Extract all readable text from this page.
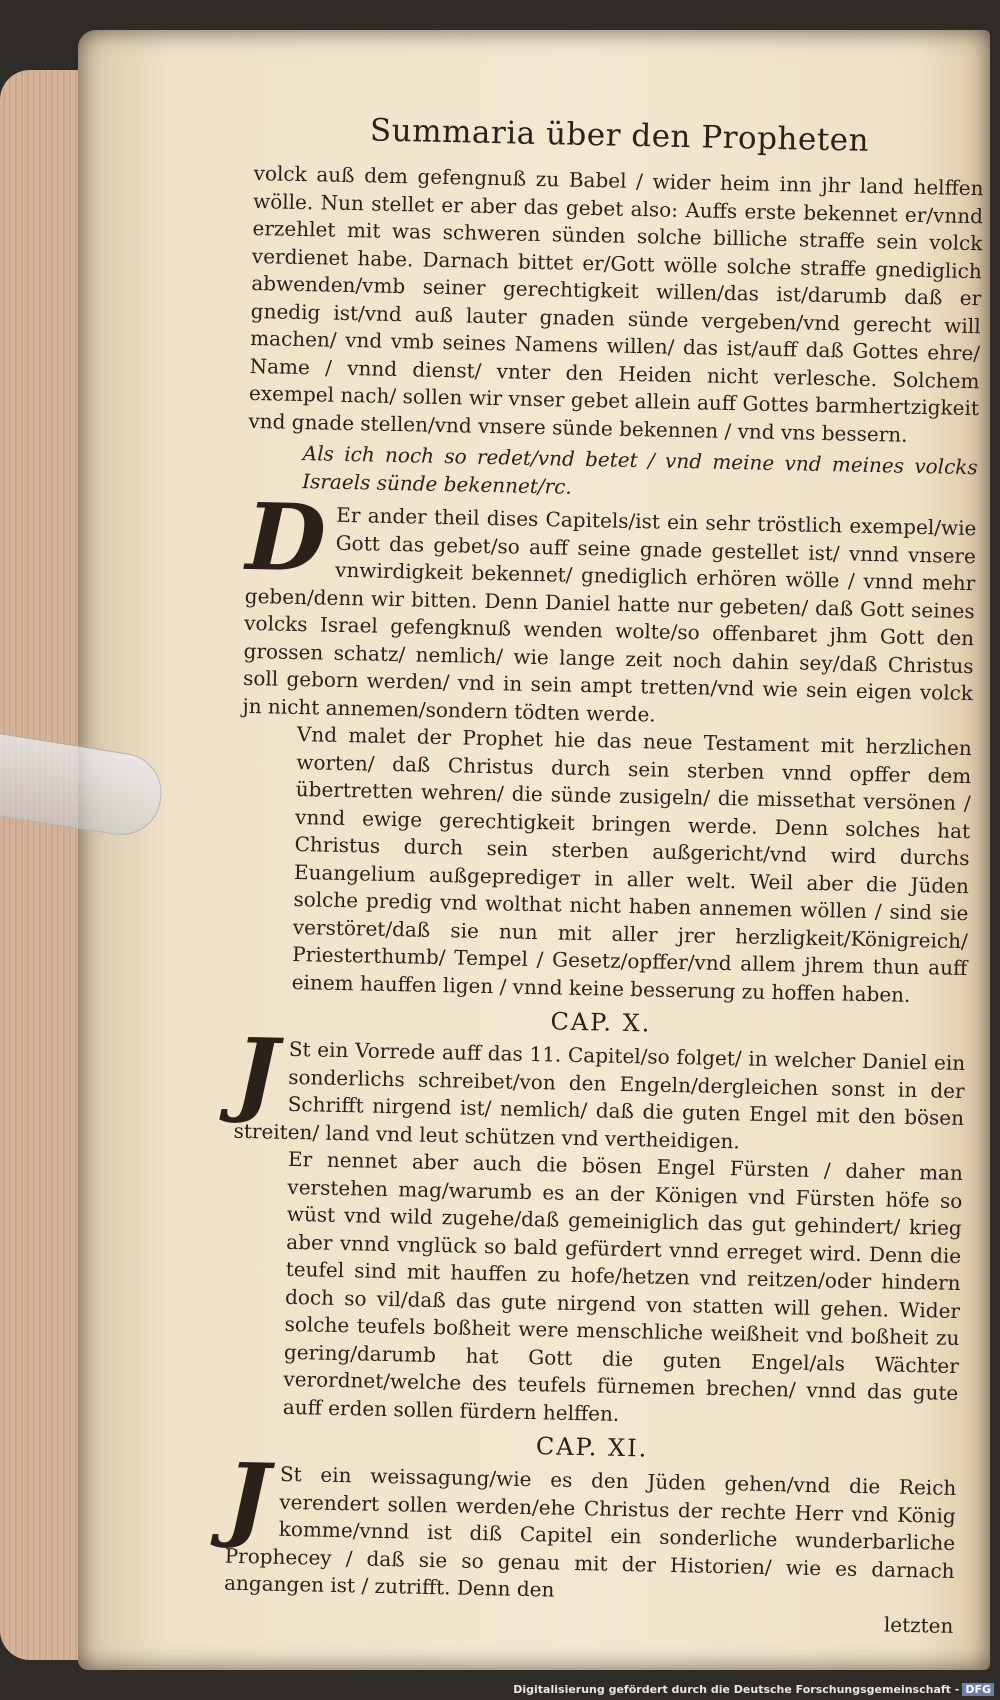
Summaria über den Propheten

volck auß dem gefengnuß zu Babel / wider heim inn jhr land helffen wölle. Nun stellet er aber das gebet also: Auffs erste bekennet er/vnnd erzehlet mit was schweren sünden solche billiche straffe sein volck verdienet habe. Darnach bittet er/Gott wölle solche straffe gnediglich abwenden/vmb seiner gerechtigkeit willen/das ist/darumb daß er gnedig ist/vnd auß lauter gnaden sünde vergeben/vnd gerecht will machen/ vnd vmb seines Namens willen/ das ist/auff daß Gottes ehre/ Name / vnnd dienst/ vnter den Heiden nicht verlesche. Solchem exempel nach/ sollen wir vnser gebet allein auff Gottes barmhertzigkeit vnd gnade stellen/vnd vnsere sünde bekennen / vnd vns bessern.

Als ich noch so redet/vnd betet / vnd meine vnd meines volcks Israels sünde bekennet/rc.

D Er ander theil dises Capitels/ist ein sehr tröstlich exempel/wie Gott das gebet/so auff seine gnade gestellet ist/ vnnd vnsere vnwirdigkeit bekennet/ gnediglich erhören wölle / vnnd mehr geben/denn wir bitten. Denn Daniel hatte nur gebeten/ daß Gott seines volcks Israel gefengknuß wenden wolte/so offenbaret jhm Gott den grossen schatz/ nemlich/ wie lange zeit noch dahin sey/daß Christus soll geborn werden/ vnd in sein ampt tretten/vnd wie sein eigen volck jn nicht annemen/sondern tödten werde.

Vnd malet der Prophet hie das neue Testament mit herzlichen worten/ daß Christus durch sein sterben vnnd opffer dem übertretten wehren/ die sünde zusigeln/ die missethat versönen / vnnd ewige gerechtigkeit bringen werde. Denn solches hat Christus durch sein sterben außgericht/vnd wird durchs Euangelium außgepredigет in aller welt. Weil aber die Jüden solche predig vnd wolthat nicht haben annemen wöllen / sind sie verstöret/daß sie nun mit aller jrer herzligkeit/Königreich/ Priesterthumb/ Tempel / Gesetz/opffer/vnd allem jhrem thun auff einem hauffen ligen / vnnd keine besserung zu hoffen haben.

CAP. X.

J St ein Vorrede auff das 11. Capitel/so folget/ in welcher Daniel ein sonderlichs schreibet/von den Engeln/dergleichen sonst in der Schrifft nirgend ist/ nemlich/ daß die guten Engel mit den bösen streiten/ land vnd leut schützen vnd vertheidigen.

Er nennet aber auch die bösen Engel Fürsten / daher man verstehen mag/warumb es an der Königen vnd Fürsten höfe so wüst vnd wild zugehe/daß gemeiniglich das gut gehindert/ krieg aber vnnd vnglück so bald gefürdert vnnd erreget wird. Denn die teufel sind mit hauffen zu hofe/hetzen vnd reitzen/oder hindern doch so vil/daß das gute nirgend von statten will gehen. Wider solche teufels boßheit were menschliche weißheit vnd boßheit zu gering/darumb hat Gott die guten Engel/als Wächter verordnet/welche des teufels fürnemen brechen/ vnnd das gute auff erden sollen fürdern helffen.

CAP. XI.

J St ein weissagung/wie es den Jüden gehen/vnd die Reich verendert sollen werden/ehe Christus der rechte Herr vnd König komme/vnnd ist diß Capitel ein sonderliche wunderbarliche Prophecey / daß sie so genau mit der Historien/ wie es darnach angangen ist / zutrifft. Denn den

letzten

Digitalisierung gefördert durch die Deutsche Forschungsgemeinschaft - DFG
